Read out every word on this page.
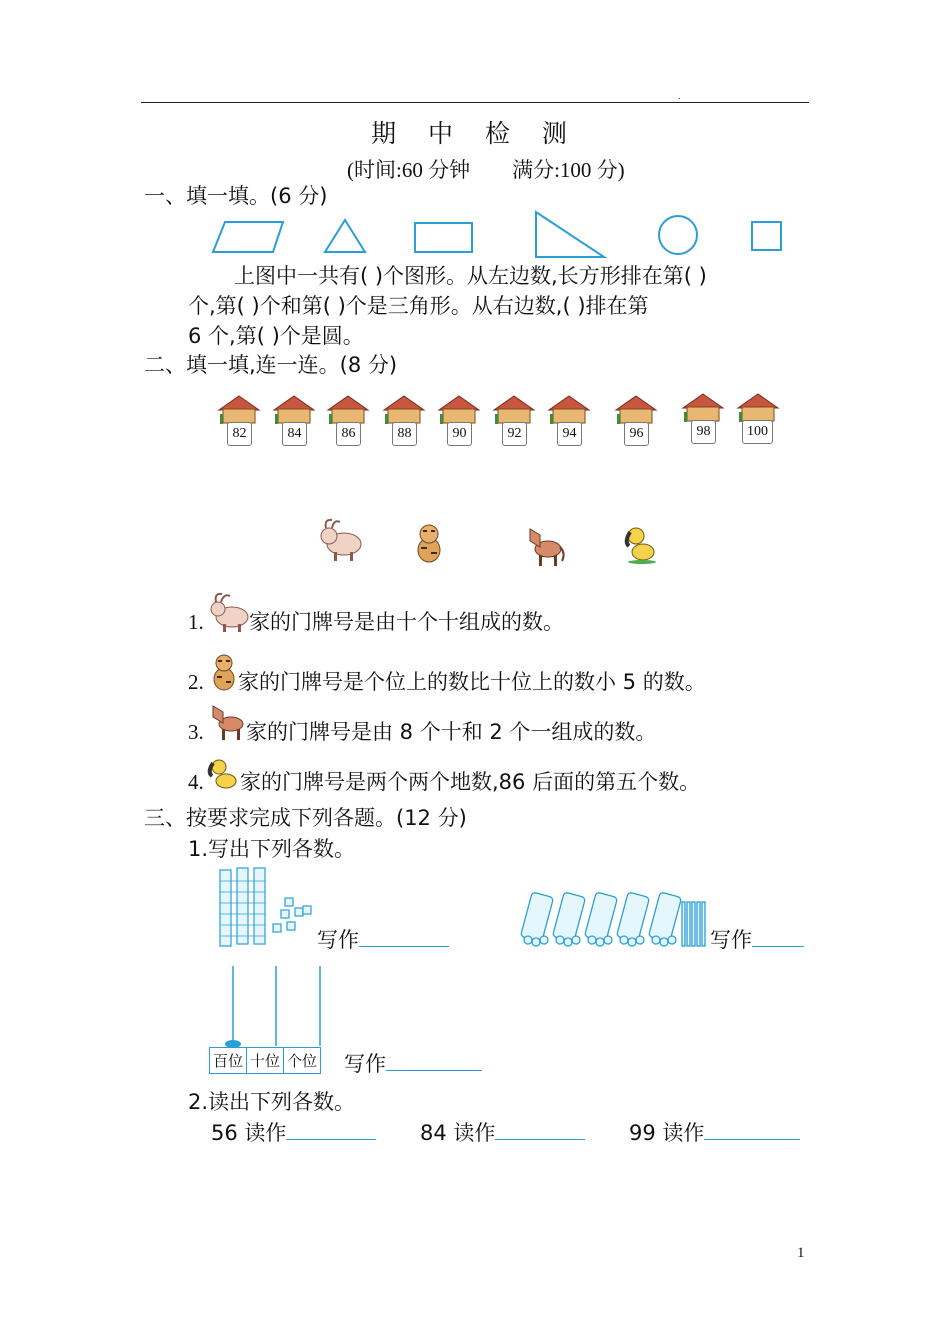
.
期 中 检 测
(时间:60 分钟 满分:100 分)
一、填一填。(6 分)
上图中一共有( )个图形。从左边数,长方形排在第( )
个,第( )个和第( )个是三角形。从右边数,( )排在第
6 个,第( )个是圆。
二、填一填,连一连。(8 分)
82	84	86	88	90	92	94	96	98	100
1. 家的门牌号是由十个十组成的数。
2. 家的门牌号是个位上的数比十位上的数小 5 的数。
3. 家的门牌号是由 8 个十和 2 个一组成的数。
4. 家的门牌号是两个两个地数,86 后面的第五个数。
三、按要求完成下列各题。(12 分)
1.写出下列各数。
写作	写作
百位	十位	个位 写作
2.读出下列各数。
56 读作	84 读作	99 读作
1
